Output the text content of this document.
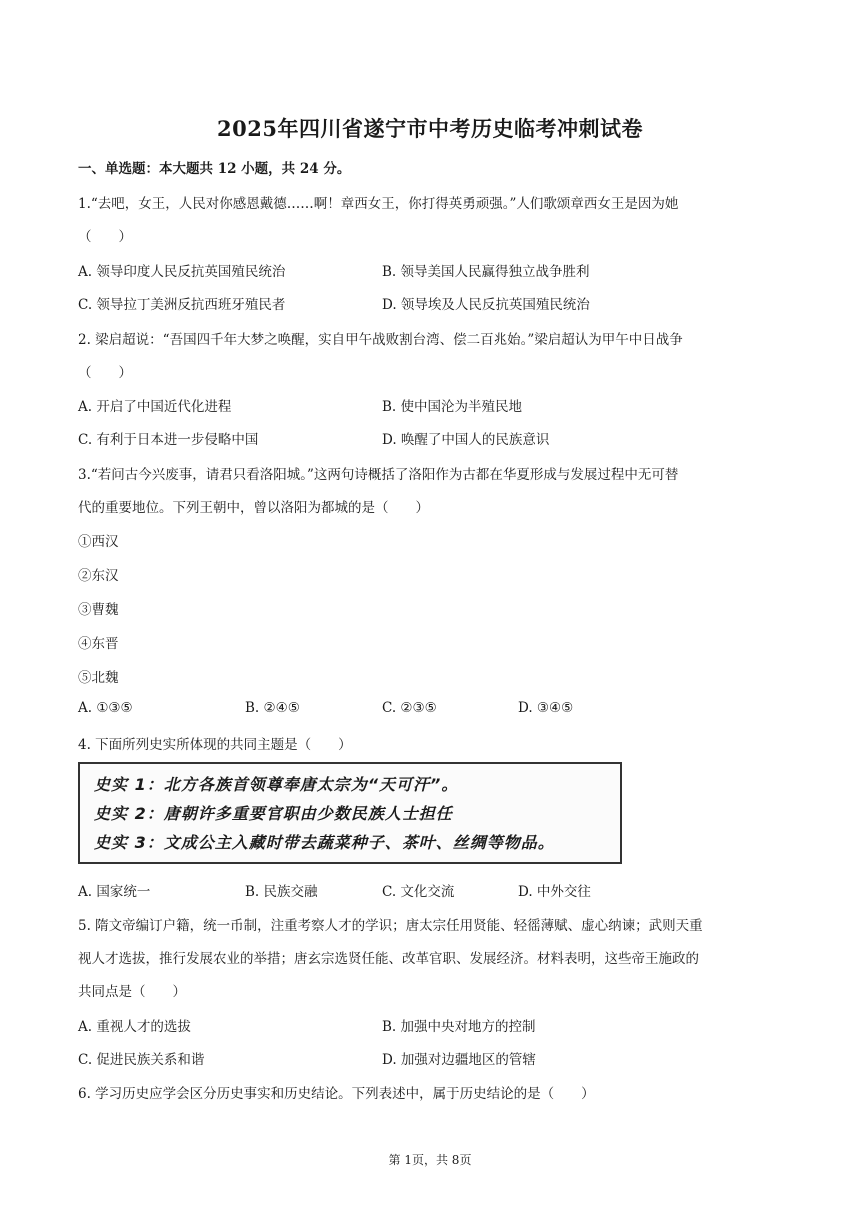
2025年四川省遂宁市中考历史临考冲刺试卷
一、单选题：本大题共 12 小题，共 24 分。
1.“去吧，女王，人民对你感恩戴德……啊！章西女王，你打得英勇顽强。”人们歌颂章西女王是因为她
（　　）
A. 领导印度人民反抗英国殖民统治	B. 领导美国人民赢得独立战争胜利
C. 领导拉丁美洲反抗西班牙殖民者	D. 领导埃及人民反抗英国殖民统治
2. 梁启超说：“吾国四千年大梦之唤醒，实自甲午战败割台湾、偿二百兆始。”梁启超认为甲午中日战争
（　　）
A. 开启了中国近代化进程	B. 使中国沦为半殖民地
C. 有利于日本进一步侵略中国	D. 唤醒了中国人的民族意识
3.“若问古今兴废事，请君只看洛阳城。”这两句诗概括了洛阳作为古都在华夏形成与发展过程中无可替
代的重要地位。下列王朝中，曾以洛阳为都城的是（　　）
①西汉
②东汉
③曹魏
④东晋
⑤北魏
A. ①③⑤	B. ②④⑤	C. ②③⑤	D. ③④⑤
4. 下面所列史实所体现的共同主题是（　　）
史实 1：北方各族首领尊奉唐太宗为“天可汗”。
史实 2：唐朝许多重要官职由少数民族人士担任
史实 3：文成公主入藏时带去蔬菜种子、茶叶、丝绸等物品。
A. 国家统一	B. 民族交融	C. 文化交流	D. 中外交往
5. 隋文帝编订户籍，统一币制，注重考察人才的学识；唐太宗任用贤能、轻徭薄赋、虚心纳谏；武则天重
视人才选拔，推行发展农业的举措；唐玄宗选贤任能、改革官职、发展经济。材料表明，这些帝王施政的
共同点是（　　）
A. 重视人才的选拔	B. 加强中央对地方的控制
C. 促进民族关系和谐	D. 加强对边疆地区的管辖
6. 学习历史应学会区分历史事实和历史结论。下列表述中，属于历史结论的是（　　）
第 1页，共 8页
